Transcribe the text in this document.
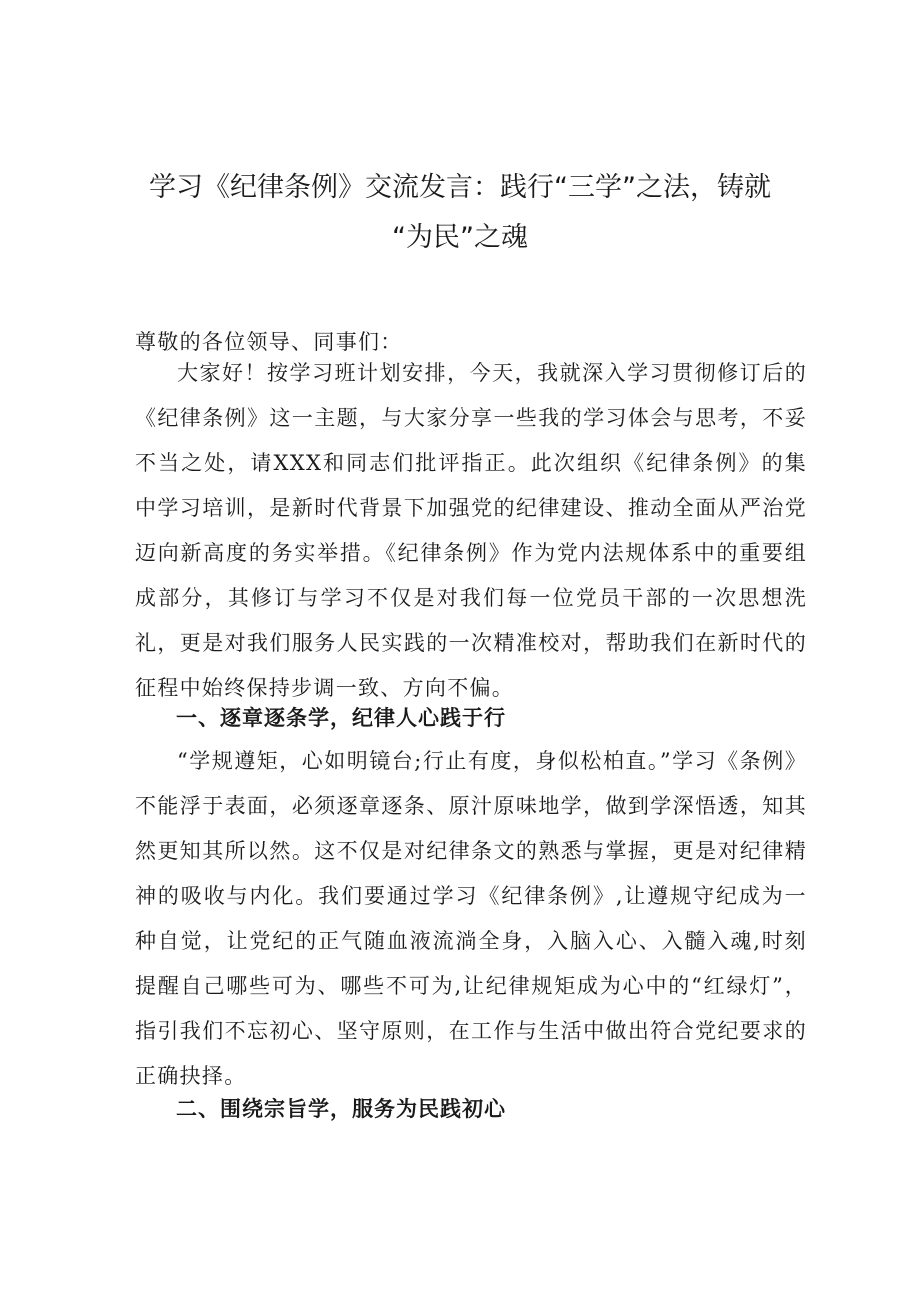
学习《纪律条例》交流发言：践行“三学”之法，铸就
“为民”之魂

尊敬的各位领导、同事们：

大家好！按学习班计划安排，今天，我就深入学习贯彻修订后的《纪律条例》这一主题，与大家分享一些我的学习体会与思考，不妥不当之处，请XXX和同志们批评指正。此次组织《纪律条例》的集中学习培训，是新时代背景下加强党的纪律建设、推动全面从严治党迈向新高度的务实举措。《纪律条例》作为党内法规体系中的重要组成部分，其修订与学习不仅是对我们每一位党员干部的一次思想洗礼，更是对我们服务人民实践的一次精准校对，帮助我们在新时代的征程中始终保持步调一致、方向不偏。

一、逐章逐条学，纪律人心践于行

“学规遵矩，心如明镜台;行止有度，身似松柏直。”学习《条例》不能浮于表面，必须逐章逐条、原汁原味地学，做到学深悟透，知其然更知其所以然。这不仅是对纪律条文的熟悉与掌握，更是对纪律精神的吸收与内化。我们要通过学习《纪律条例》,让遵规守纪成为一种自觉，让党纪的正气随血液流淌全身，入脑入心、入髓入魂,时刻提醒自己哪些可为、哪些不可为,让纪律规矩成为心中的“红绿灯”，指引我们不忘初心、坚守原则，在工作与生活中做出符合党纪要求的正确抉择。

二、围绕宗旨学，服务为民践初心
